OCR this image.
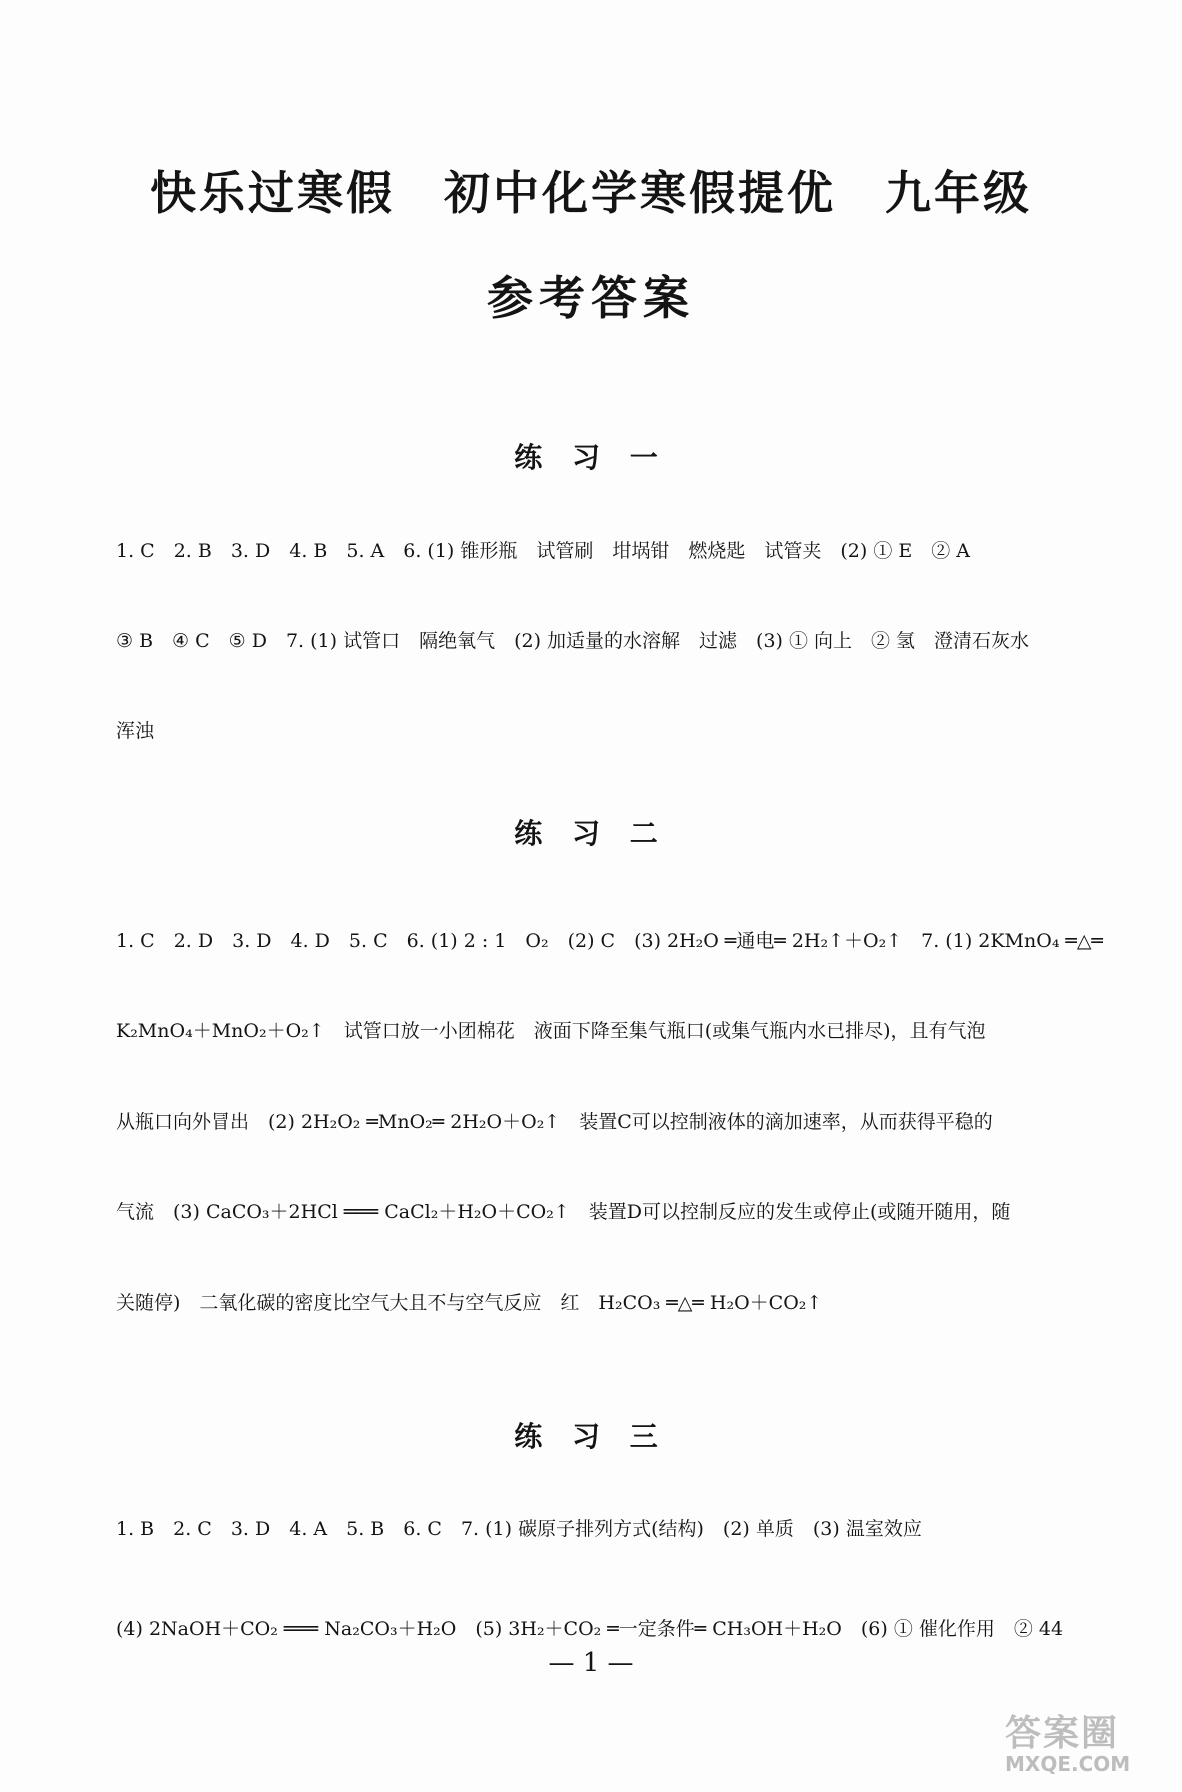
快乐过寒假　初中化学寒假提优　九年级
参考答案
练 习 一
1. C　2. B　3. D　4. B　5. A　6. (1) 锥形瓶　试管刷　坩埚钳　燃烧匙　试管夹　(2) ① E　② A
③ B　④ C　⑤ D　7. (1) 试管口　隔绝氧气　(2) 加适量的水溶解　过滤　(3) ① 向上　② 氢　澄清石灰水
浑浊
练 习 二
1. C　2. D　3. D　4. D　5. C　6. (1) 2 : 1　O₂　(2) C　(3) 2H₂O ═通电═ 2H₂↑＋O₂↑　7. (1) 2KMnO₄ ═△═
K₂MnO₄＋MnO₂＋O₂↑　试管口放一小团棉花　液面下降至集气瓶口(或集气瓶内水已排尽)，且有气泡
从瓶口向外冒出　(2) 2H₂O₂ ═MnO₂═ 2H₂O＋O₂↑　装置C可以控制液体的滴加速率，从而获得平稳的
气流　(3) CaCO₃＋2HCl ═══ CaCl₂＋H₂O＋CO₂↑　装置D可以控制反应的发生或停止(或随开随用，随
关随停)　二氧化碳的密度比空气大且不与空气反应　红　H₂CO₃ ═△═ H₂O＋CO₂↑
练 习 三
1. B　2. C　3. D　4. A　5. B　6. C　7. (1) 碳原子排列方式(结构)　(2) 单质　(3) 温室效应
(4) 2NaOH＋CO₂ ═══ Na₂CO₃＋H₂O　(5) 3H₂＋CO₂ ═一定条件═ CH₃OH＋H₂O　(6) ① 催化作用　② 44
— 1 —
答案圈
MXQE.COM
